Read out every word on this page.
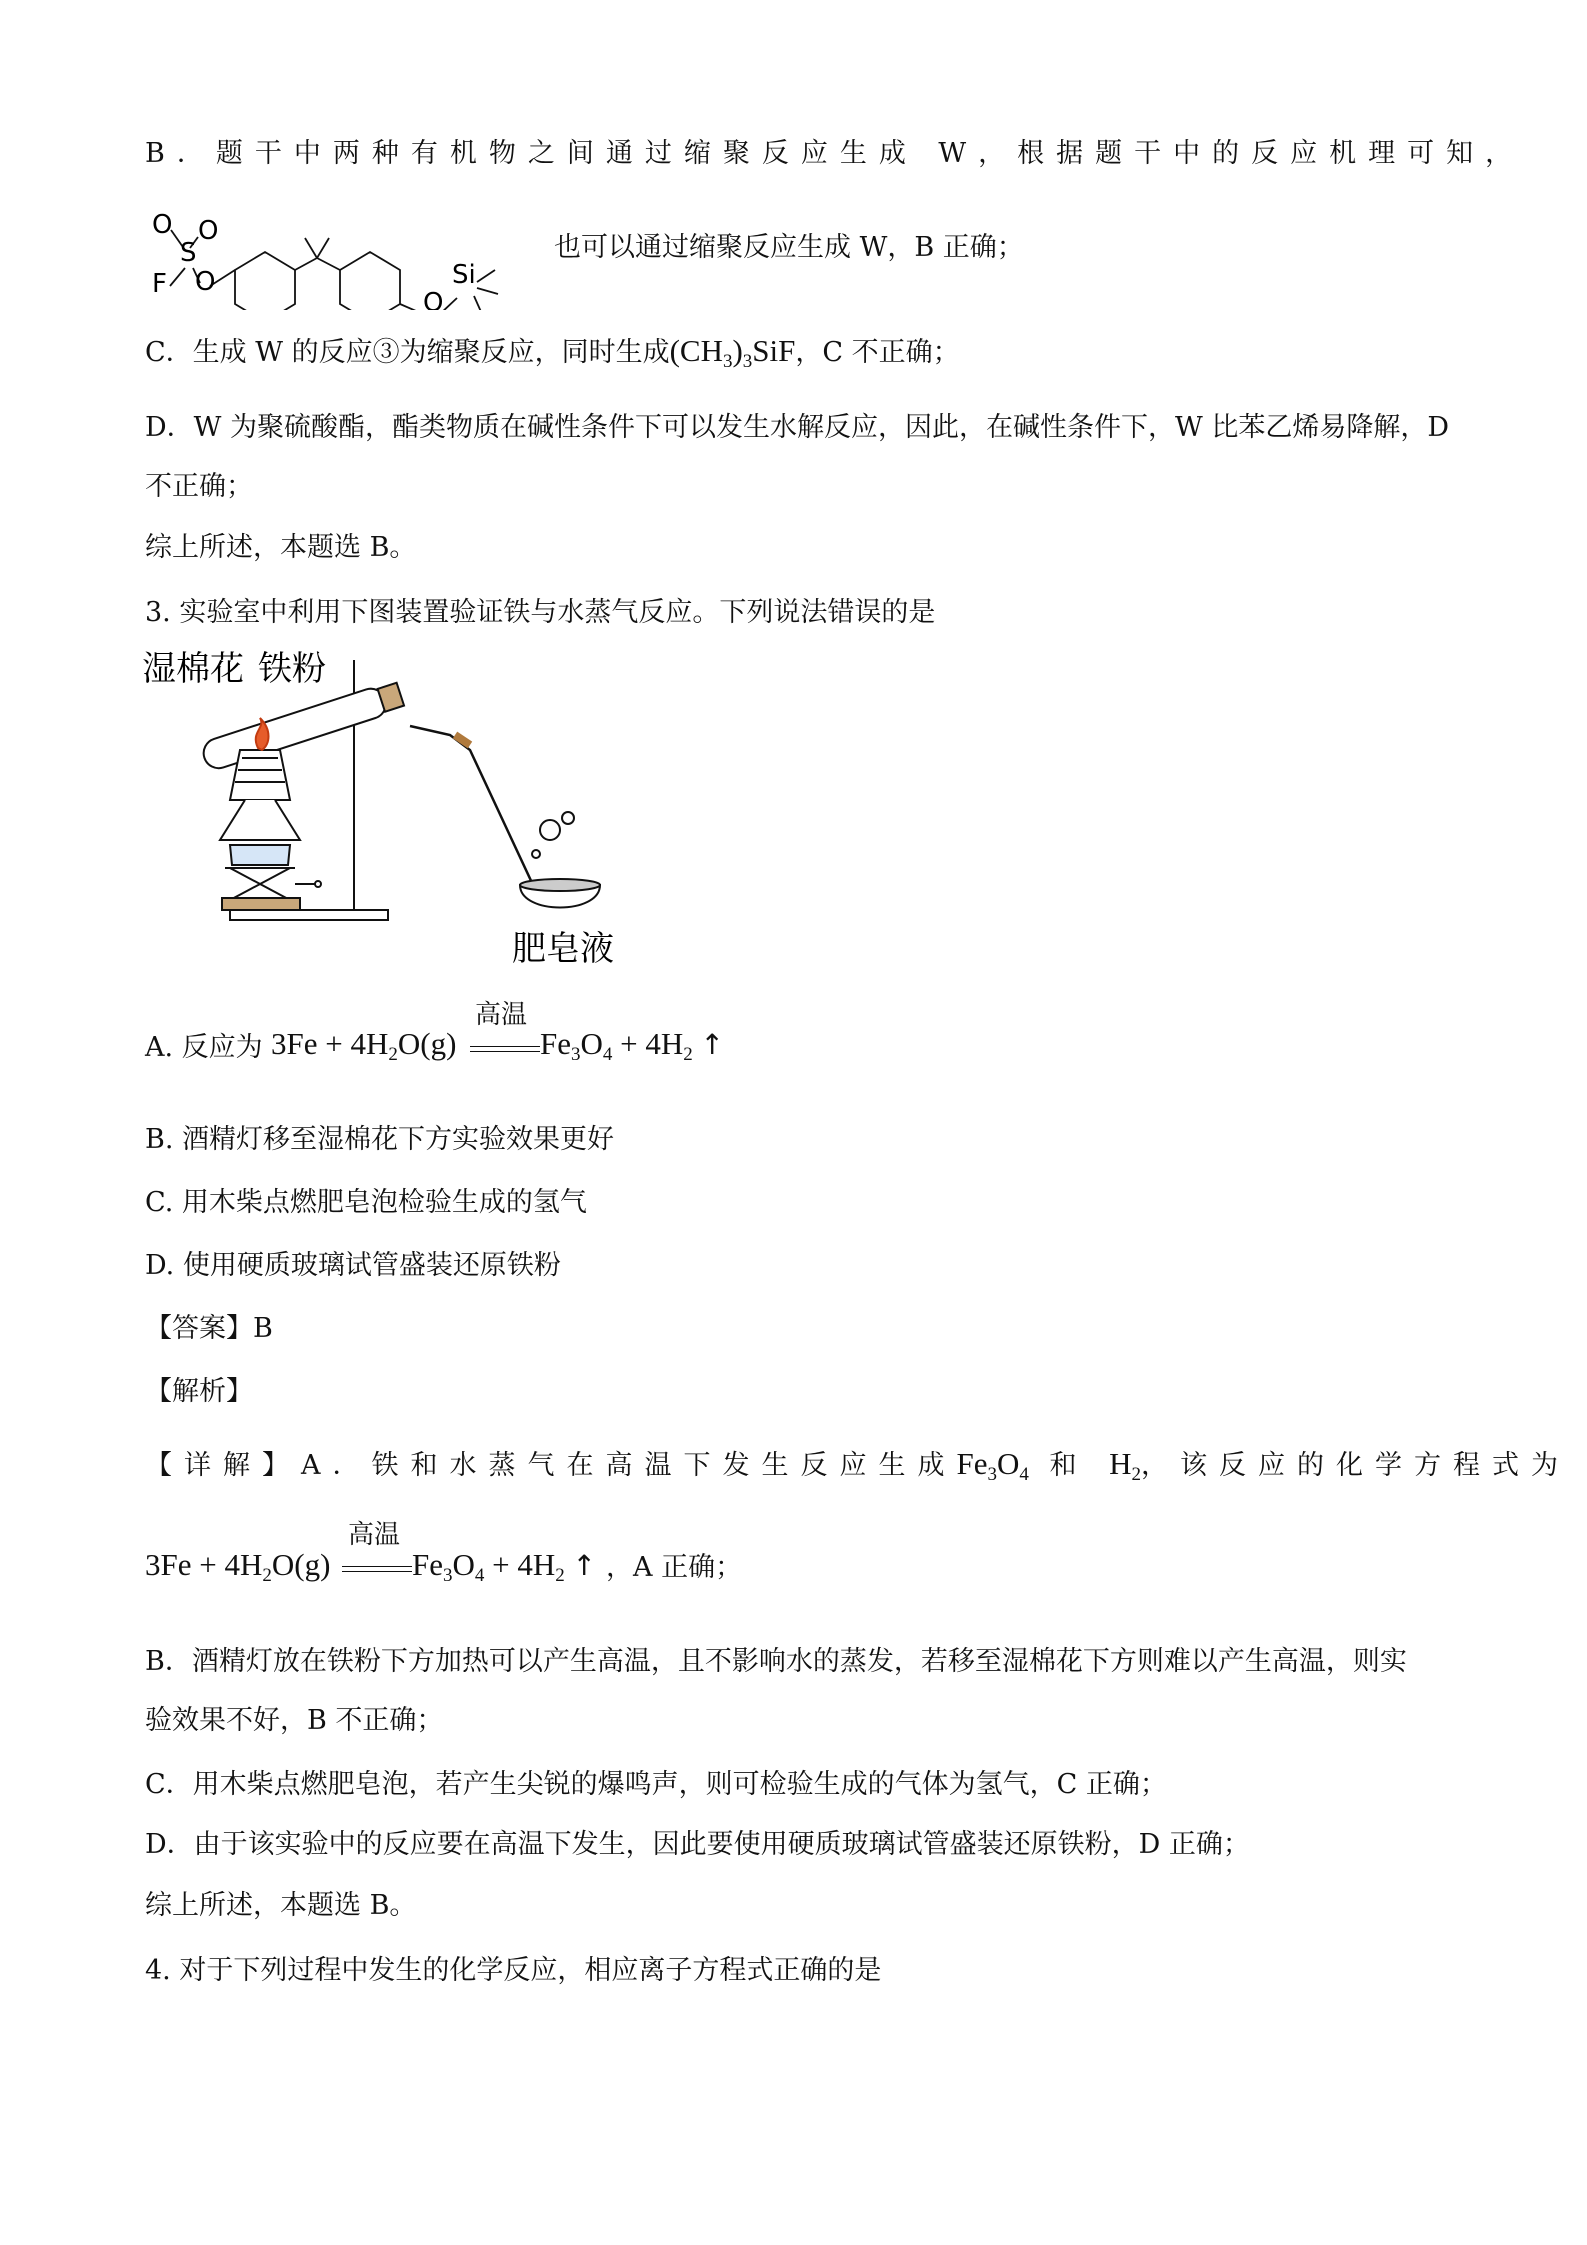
B．题干中两种有机物之间通过缩聚反应生成 W，根据题干中的反应机理可知，
O O
S
F O
O
Si
也可以通过缩聚反应生成 W，B 正确；
C．生成 W 的反应③为缩聚反应，同时生成$(CH_3)_3SiF$，C 不正确；
D．W 为聚硫酸酯，酯类物质在碱性条件下可以发生水解反应，因此，在碱性条件下，W 比苯乙烯易降解，D
不正确；
综上所述，本题选 B。
3. 实验室中利用下图装置验证铁与水蒸气反应。下列说法错误的是
湿棉花 铁粉
肥皂液
A. 反应为 $3Fe + 4H_2O(g)$
高温
$Fe_3O_4 + 4H_2$ ↑
B. 酒精灯移至湿棉花下方实验效果更好
C. 用木柴点燃肥皂泡检验生成的氢气
D. 使用硬质玻璃试管盛装还原铁粉
【答案】B
【解析】
【详解】A．铁和水蒸气在高温下发生反应生成$Fe_3O_4$ 和 $H_2$，该反应的化学方程式为
$3Fe + 4H_2O(g)$
高温
$Fe_3O_4 + 4H_2$ ↑ ，A 正确；
B．酒精灯放在铁粉下方加热可以产生高温，且不影响水的蒸发，若移至湿棉花下方则难以产生高温，则实
验效果不好，B 不正确；
C．用木柴点燃肥皂泡，若产生尖锐的爆鸣声，则可检验生成的气体为氢气，C 正确；
D．由于该实验中的反应要在高温下发生，因此要使用硬质玻璃试管盛装还原铁粉，D 正确；
综上所述，本题选 B。
4. 对于下列过程中发生的化学反应，相应离子方程式正确的是
